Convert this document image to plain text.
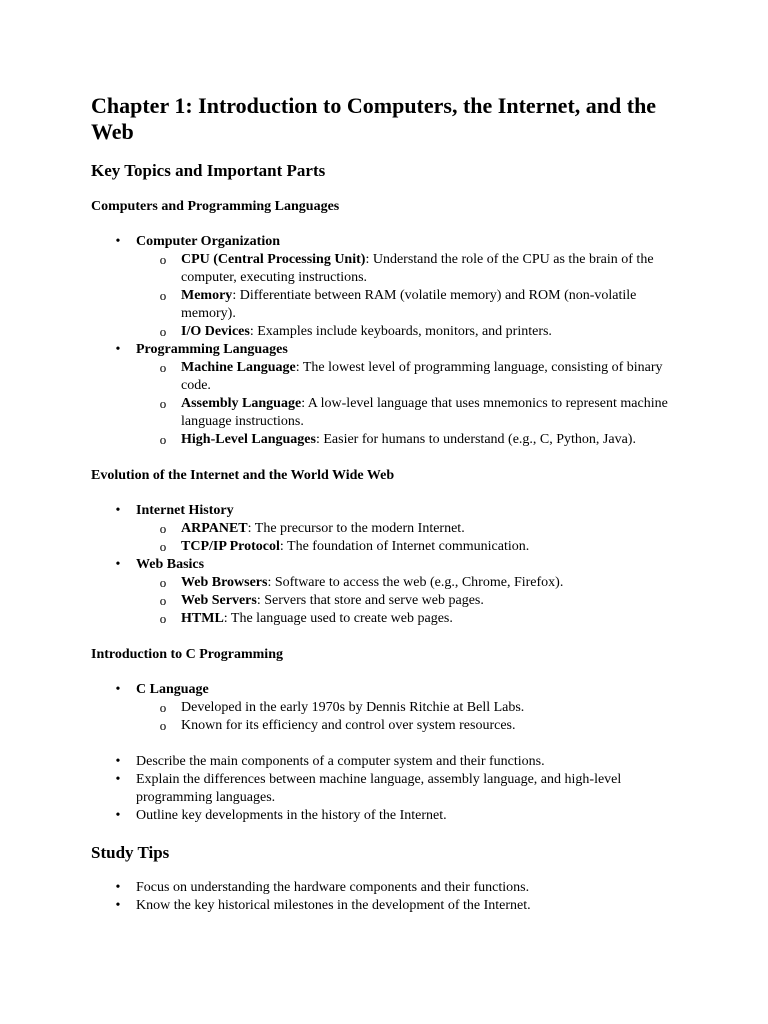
Chapter 1: Introduction to Computers, the Internet, and the Web
Key Topics and Important Parts
Computers and Programming Languages
• Computer Organization
o CPU (Central Processing Unit): Understand the role of the CPU as the brain of the computer, executing instructions.
o Memory: Differentiate between RAM (volatile memory) and ROM (non-volatile memory).
o I/O Devices: Examples include keyboards, monitors, and printers.
• Programming Languages
o Machine Language: The lowest level of programming language, consisting of binary code.
o Assembly Language: A low-level language that uses mnemonics to represent machine language instructions.
o High-Level Languages: Easier for humans to understand (e.g., C, Python, Java).
Evolution of the Internet and the World Wide Web
• Internet History
o ARPANET: The precursor to the modern Internet.
o TCP/IP Protocol: The foundation of Internet communication.
• Web Basics
o Web Browsers: Software to access the web (e.g., Chrome, Firefox).
o Web Servers: Servers that store and serve web pages.
o HTML: The language used to create web pages.
Introduction to C Programming
• C Language
o Developed in the early 1970s by Dennis Ritchie at Bell Labs.
o Known for its efficiency and control over system resources.
• Describe the main components of a computer system and their functions.
• Explain the differences between machine language, assembly language, and high-level programming languages.
• Outline key developments in the history of the Internet.
Study Tips
• Focus on understanding the hardware components and their functions.
• Know the key historical milestones in the development of the Internet.
